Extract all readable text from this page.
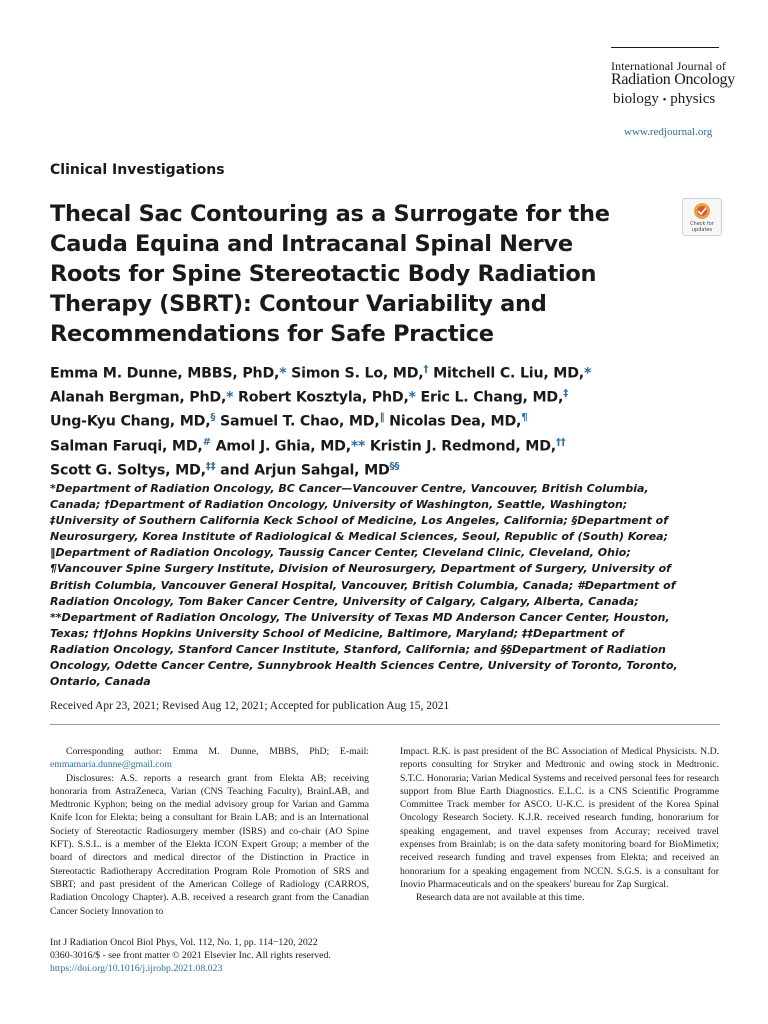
International Journal of
Radiation Oncology
biology • physics
www.redjournal.org
Clinical Investigations
Thecal Sac Contouring as a Surrogate for the Cauda Equina and Intracanal Spinal Nerve Roots for Spine Stereotactic Body Radiation Therapy (SBRT): Contour Variability and Recommendations for Safe Practice
Check for updates
Emma M. Dunne, MBBS, PhD,* Simon S. Lo, MD,† Mitchell C. Liu, MD,*
Alanah Bergman, PhD,* Robert Kosztyla, PhD,* Eric L. Chang, MD,‡
Ung-Kyu Chang, MD,§ Samuel T. Chao, MD,‖ Nicolas Dea, MD,¶
Salman Faruqi, MD,# Amol J. Ghia, MD,** Kristin J. Redmond, MD,††
Scott G. Soltys, MD,‡‡ and Arjun Sahgal, MD§§
*Department of Radiation Oncology, BC Cancer—Vancouver Centre, Vancouver, British Columbia,
Canada; †Department of Radiation Oncology, University of Washington, Seattle, Washington;
‡University of Southern California Keck School of Medicine, Los Angeles, California; §Department of
Neurosurgery, Korea Institute of Radiological & Medical Sciences, Seoul, Republic of (South) Korea;
‖Department of Radiation Oncology, Taussig Cancer Center, Cleveland Clinic, Cleveland, Ohio;
¶Vancouver Spine Surgery Institute, Division of Neurosurgery, Department of Surgery, University of
British Columbia, Vancouver General Hospital, Vancouver, British Columbia, Canada; #Department of
Radiation Oncology, Tom Baker Cancer Centre, University of Calgary, Calgary, Alberta, Canada;
**Department of Radiation Oncology, The University of Texas MD Anderson Cancer Center, Houston,
Texas; ††Johns Hopkins University School of Medicine, Baltimore, Maryland; ‡‡Department of
Radiation Oncology, Stanford Cancer Institute, Stanford, California; and §§Department of Radiation
Oncology, Odette Cancer Centre, Sunnybrook Health Sciences Centre, University of Toronto, Toronto,
Ontario, Canada
Received Apr 23, 2021; Revised Aug 12, 2021; Accepted for publication Aug 15, 2021

Corresponding author: Emma M. Dunne, MBBS, PhD; E-mail: emmamaria.dunne@gmail.com

Disclosures: A.S. reports a research grant from Elekta AB; receiving honoraria from AstraZeneca, Varian (CNS Teaching Faculty), BrainLAB, and Medtronic Kyphon; being on the medial advisory group for Varian and Gamma Knife Icon for Elekta; being a consultant for Brain LAB; and is an International Society of Stereotactic Radiosurgery member (ISRS) and co-chair (AO Spine KFT). S.S.L. is a member of the Elekta ICON Expert Group; a member of the board of directors and medical director of the Distinction in Practice in Stereotactic Radiotherapy Accreditation Program Role Promotion of SRS and SBRT; and past president of the American College of Radiology (CARROS, Radiation Oncology Chapter). A.B. received a research grant from the Canadian Cancer Society Innovation to

Impact. R.K. is past president of the BC Association of Medical Physicists. N.D. reports consulting for Stryker and Medtronic and owing stock in Medtronic. S.T.C. Honoraria; Varian Medical Systems and received personal fees for research support from Blue Earth Diagnostics. E.L.C. is a CNS Scientific Programme Committee Track member for ASCO. U-K.C. is president of the Korea Spinal Oncology Research Society. K.J.R. received research funding, honorarium for speaking engagement, and travel expenses from Accuray; received travel expenses from Brainlab; is on the data safety monitoring board for BioMimetix; received research funding and travel expenses from Elekta; and received an honorarium for a speaking engagement from NCCN. S.G.S. is a consultant for Inovio Pharmaceuticals and on the speakers' bureau for Zap Surgical.

Research data are not available at this time.

Int J Radiation Oncol Biol Phys, Vol. 112, No. 1, pp. 114−120, 2022
0360-3016/$ - see front matter © 2021 Elsevier Inc. All rights reserved.
https://doi.org/10.1016/j.ijrobp.2021.08.023
